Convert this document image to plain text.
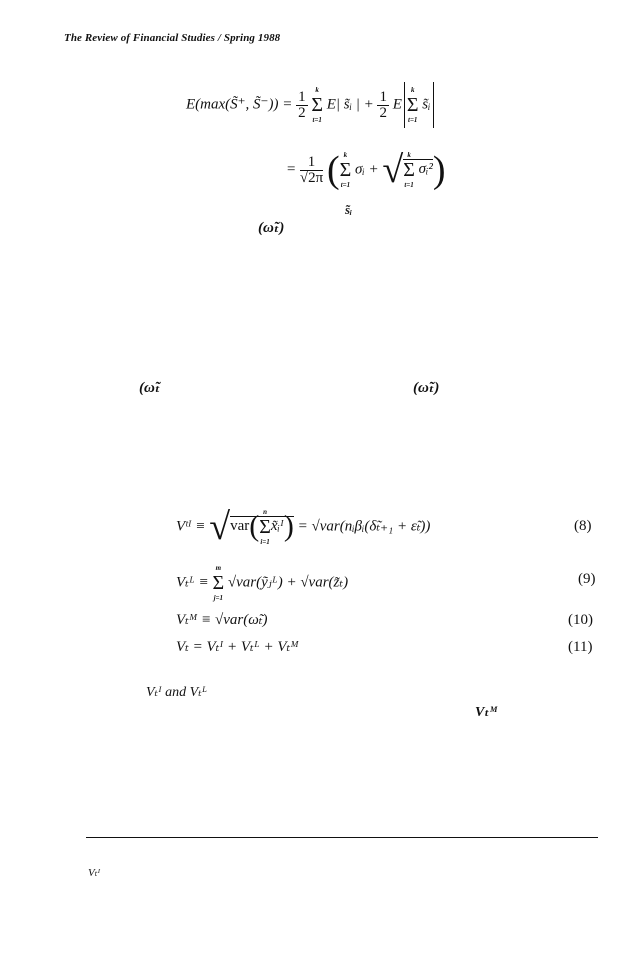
The Review of Financial Studies / Spring 1988
E(max(S̃⁺, S̃⁻)) = $\frac{1}{2}$
	k
Σ
t=1
E| s̃ᵢ | + $\frac{1}{2}$ E
k
Σ
t=1
s̃ᵢ
= $\frac{1}{√2\pi}$ ( k
Σ
t=1
σᵢ + √ k
Σ
t=1
σᵢ²)
s̃ᵢ
(ω̃ₜ)
(ω̃ₜ	(ω̃ₜ)
Vᵗᴵ ≡ √var( n
Σ
i=1
x̃ᵢᴵ) = √var(nᵢβᵢ(δ̃ₜ₊₁ + ε̃ₜ))	(8)
Vₜᴸ ≡
m
Σ
j=1
√var(ỹⱼᴸ) + √var(z̃ₜ)	(9)
Vₜᴹ ≡ √var(ω̃ₜ)	(10)
Vₜ = Vₜᴵ + Vₜᴸ + Vₜᴹ	(11)
Vₜᴵ and Vₜᴸ
Vₜᴹ
Vₜᴵ
